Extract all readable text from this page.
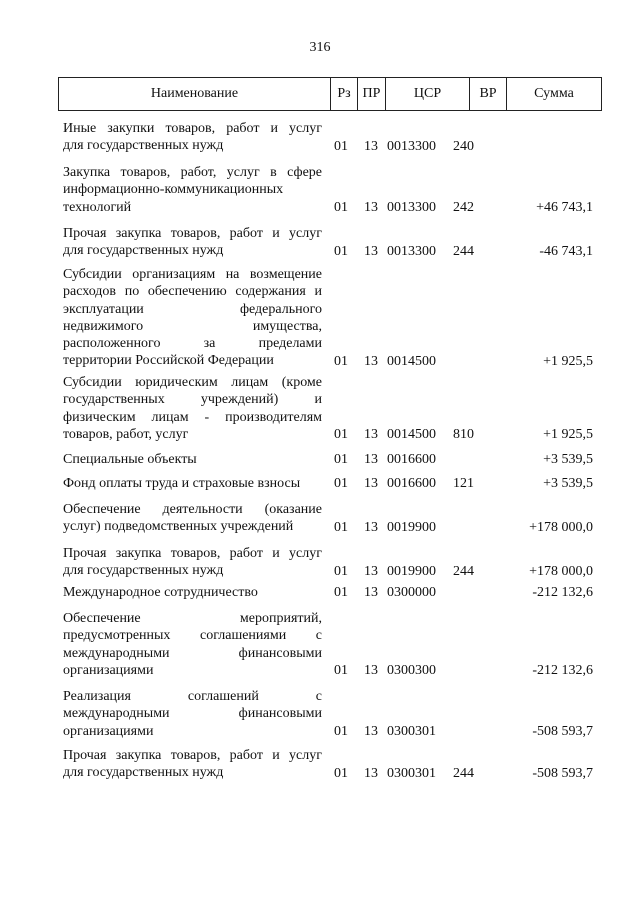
316
Наименование	Рз ПР	ЦСР	ВР	Сумма
Иные закупки товаров, работ и услуг
для государственных нужд	01 13 0013300 240
Закупка товаров, работ, услуг в сфере
информационно-коммуникационных
технологий	01 13 0013300 242	+46 743,1
Прочая закупка товаров, работ и услуг
для государственных нужд	01 13 0013300 244	-46 743,1
Субсидии организациям на возмещение
расходов по обеспечению содержания и
эксплуатации федерального
недвижимого имущества,
расположенного за пределами
территории Российской Федерации	01 13 0014500	+1 925,5
Субсидии юридическим лицам (кроме
государственных учреждений) и
физическим лицам - производителям
товаров, работ, услуг	01 13 0014500 810	+1 925,5
Специальные объекты	01 13 0016600	+3 539,5
Фонд оплаты труда и страховые взносы	01 13 0016600 121	+3 539,5
Обеспечение деятельности (оказание
услуг) подведомственных учреждений	01 13 0019900	+178 000,0
Прочая закупка товаров, работ и услуг
для государственных нужд	01 13 0019900 244	+178 000,0
Международное сотрудничество	01 13 0300000	-212 132,6
Обеспечение мероприятий,
предусмотренных соглашениями с
международными финансовыми
организациями	01 13 0300300	-212 132,6
Реализация соглашений с
международными финансовыми
организациями	01 13 0300301	-508 593,7
Прочая закупка товаров, работ и услуг
для государственных нужд	01 13 0300301 244	-508 593,7
